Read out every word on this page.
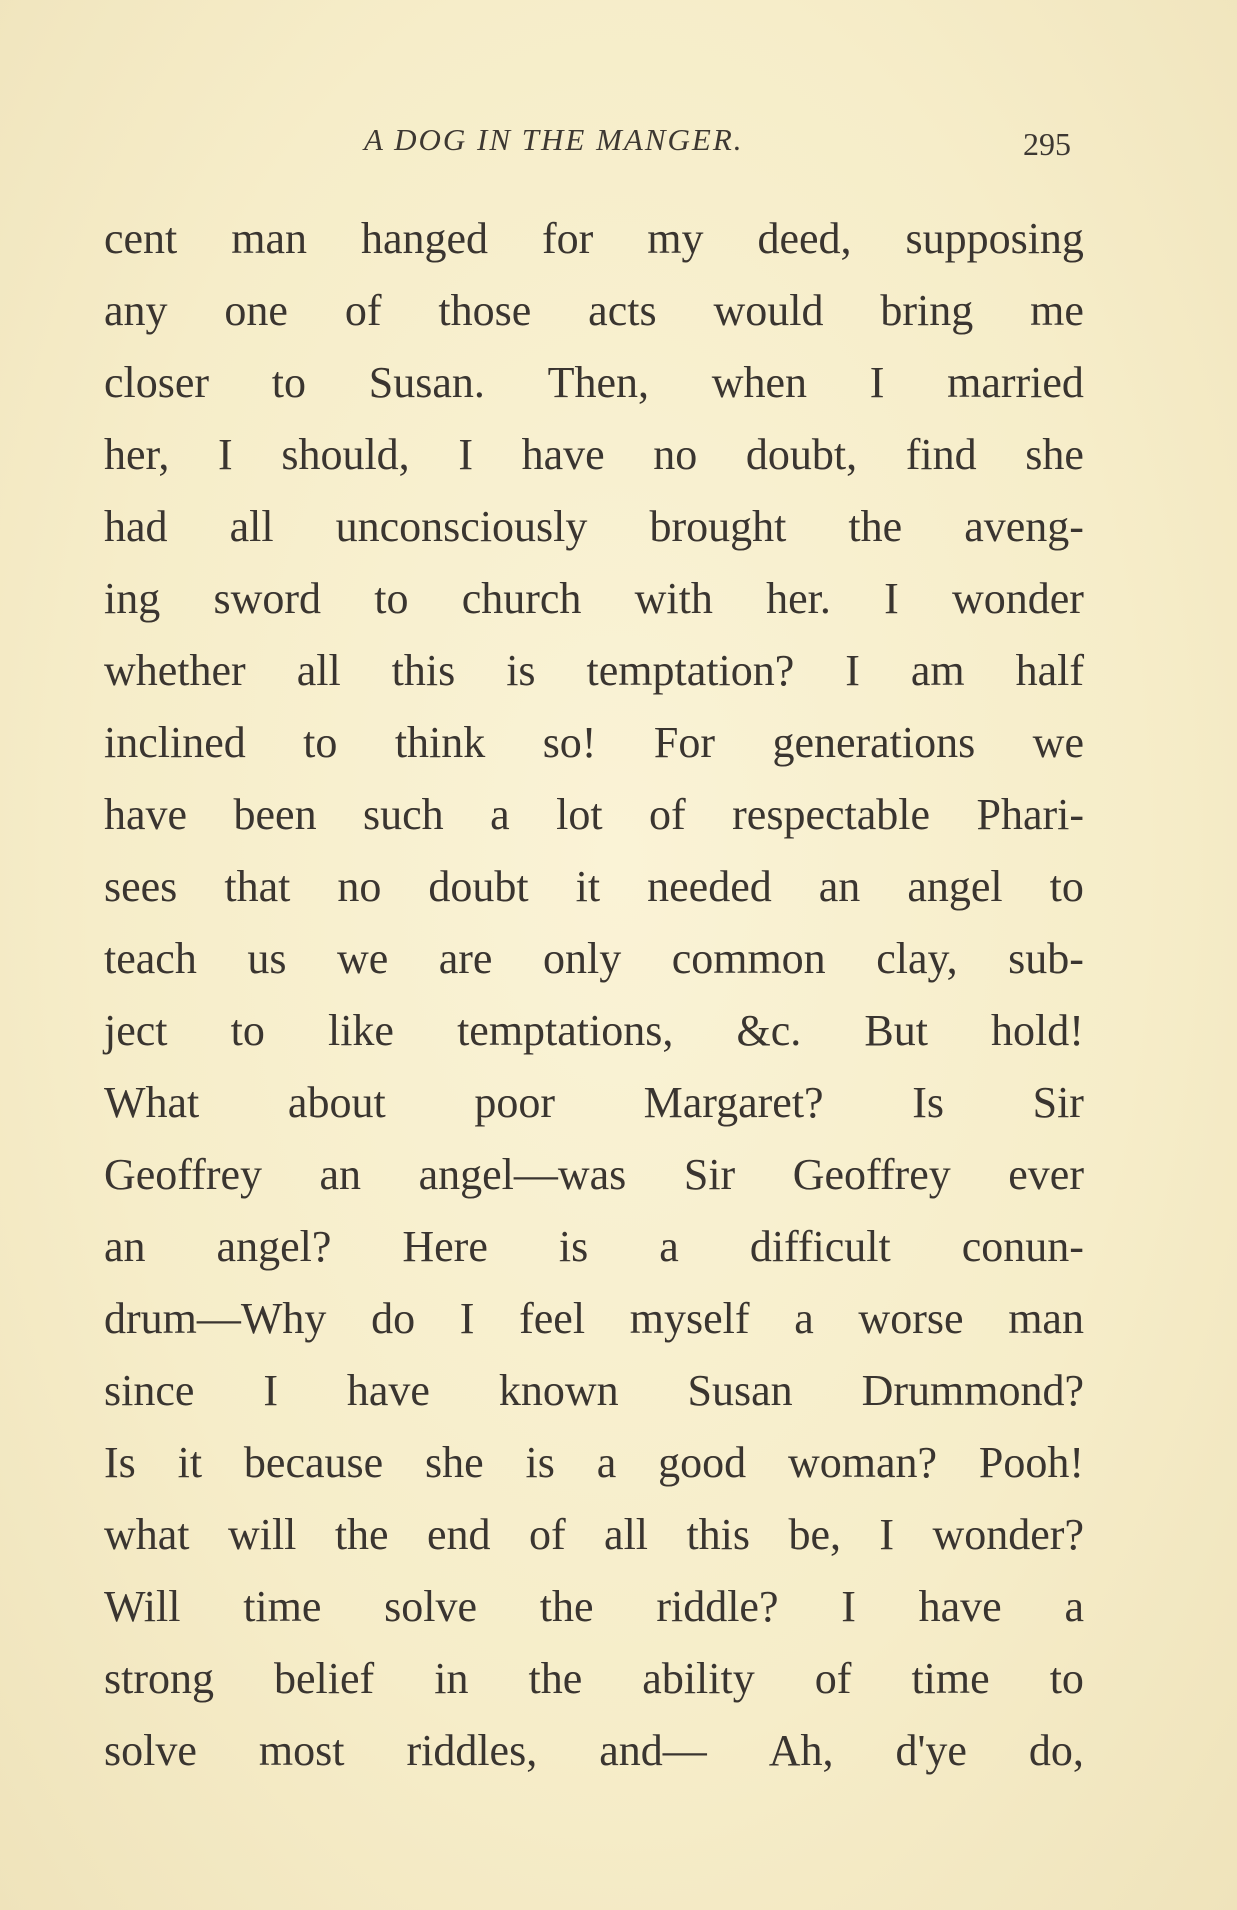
A DOG IN THE MANGER.	295
cent man hanged for my deed, supposing
any one of those acts would bring me
closer to Susan. Then, when I married
her, I should, I have no doubt, find she
had all unconsciously brought the aveng-
ing sword to church with her. I wonder
whether all this is temptation? I am half
inclined to think so! For generations we
have been such a lot of respectable Phari-
sees that no doubt it needed an angel to
teach us we are only common clay, sub-
ject to like temptations, &c. But hold!
What about poor Margaret? Is Sir
Geoffrey an angel—was Sir Geoffrey ever
an angel? Here is a difficult conun-
drum—Why do I feel myself a worse man
since I have known Susan Drummond?
Is it because she is a good woman? Pooh!
what will the end of all this be, I wonder?
Will time solve the riddle? I have a
strong belief in the ability of time to
solve most riddles, and— Ah, d'ye do,
